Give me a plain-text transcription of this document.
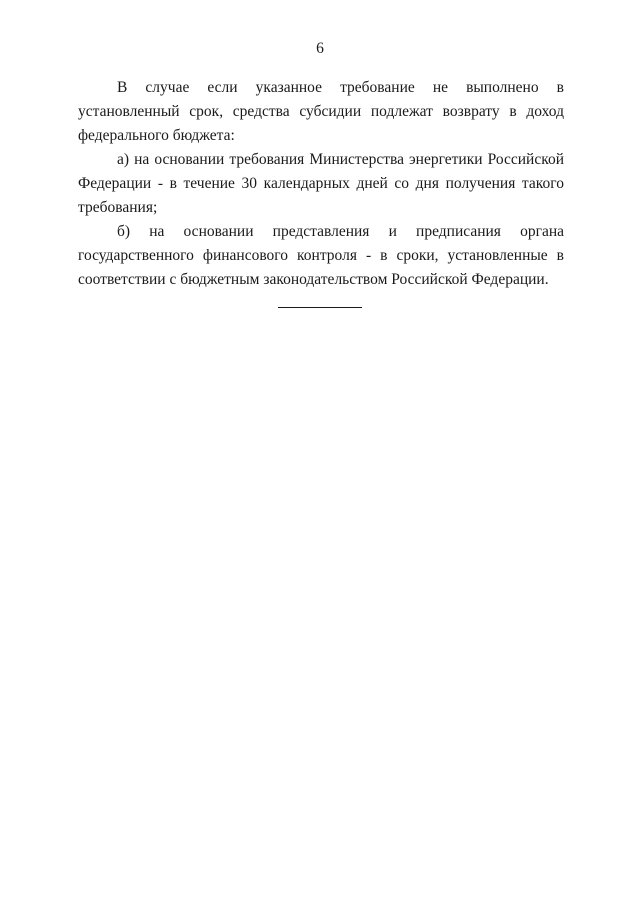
6

В случае если указанное требование не выполнено в установленный срок, средства субсидии подлежат возврату в доход федерального бюджета:

а) на основании требования Министерства энергетики Российской Федерации - в течение 30 календарных дней со дня получения такого требования;

б) на основании представления и предписания органа государственного финансового контроля - в сроки, установленные в соответствии с бюджетным законодательством Российской Федерации.
